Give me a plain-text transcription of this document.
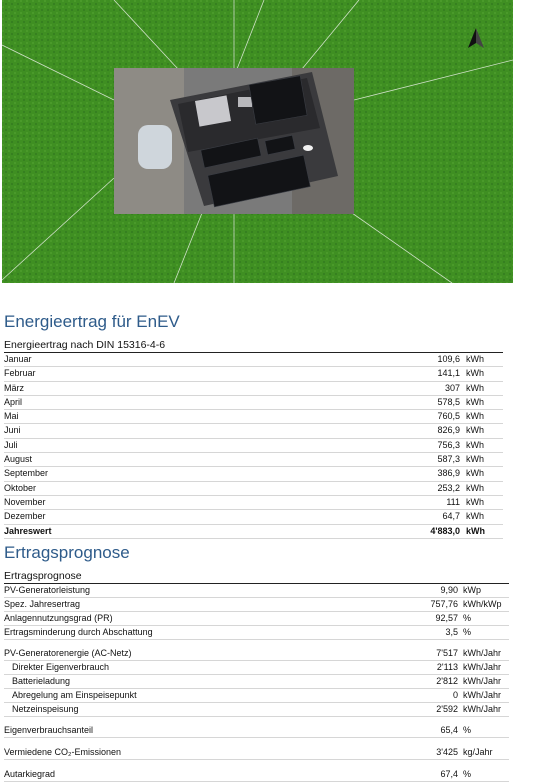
Energieertrag für EnEV
Energieertrag nach DIN 15316-4-6
Januar	109,6 kWh
Februar	141,1 kWh
März	307 kWh
April	578,5 kWh
Mai	760,5 kWh
Juni	826,9 kWh
Juli	756,3 kWh
August	587,3 kWh
September	386,9 kWh
Oktober	253,2 kWh
November	111 kWh
Dezember	64,7 kWh
Jahreswert	4'883,0 kWh
Ertragsprognose
Ertragsprognose
PV-Generatorleistung	9,90 kWp
Spez. Jahresertrag	757,76 kWh/kWp
Anlagennutzungsgrad (PR)	92,57 %
Ertragsminderung durch Abschattung	3,5 %
PV-Generatorenergie (AC-Netz)	7'517 kWh/Jahr
Direkter Eigenverbrauch	2'113 kWh/Jahr
Batterieladung	2'812 kWh/Jahr
Abregelung am Einspeisepunkt	0 kWh/Jahr
Netzeinspeisung	2'592 kWh/Jahr
Eigenverbrauchsanteil	65,4 %
Vermiedene CO₂-Emissionen	3'425 kg/Jahr
Autarkiegrad	67,4 %
